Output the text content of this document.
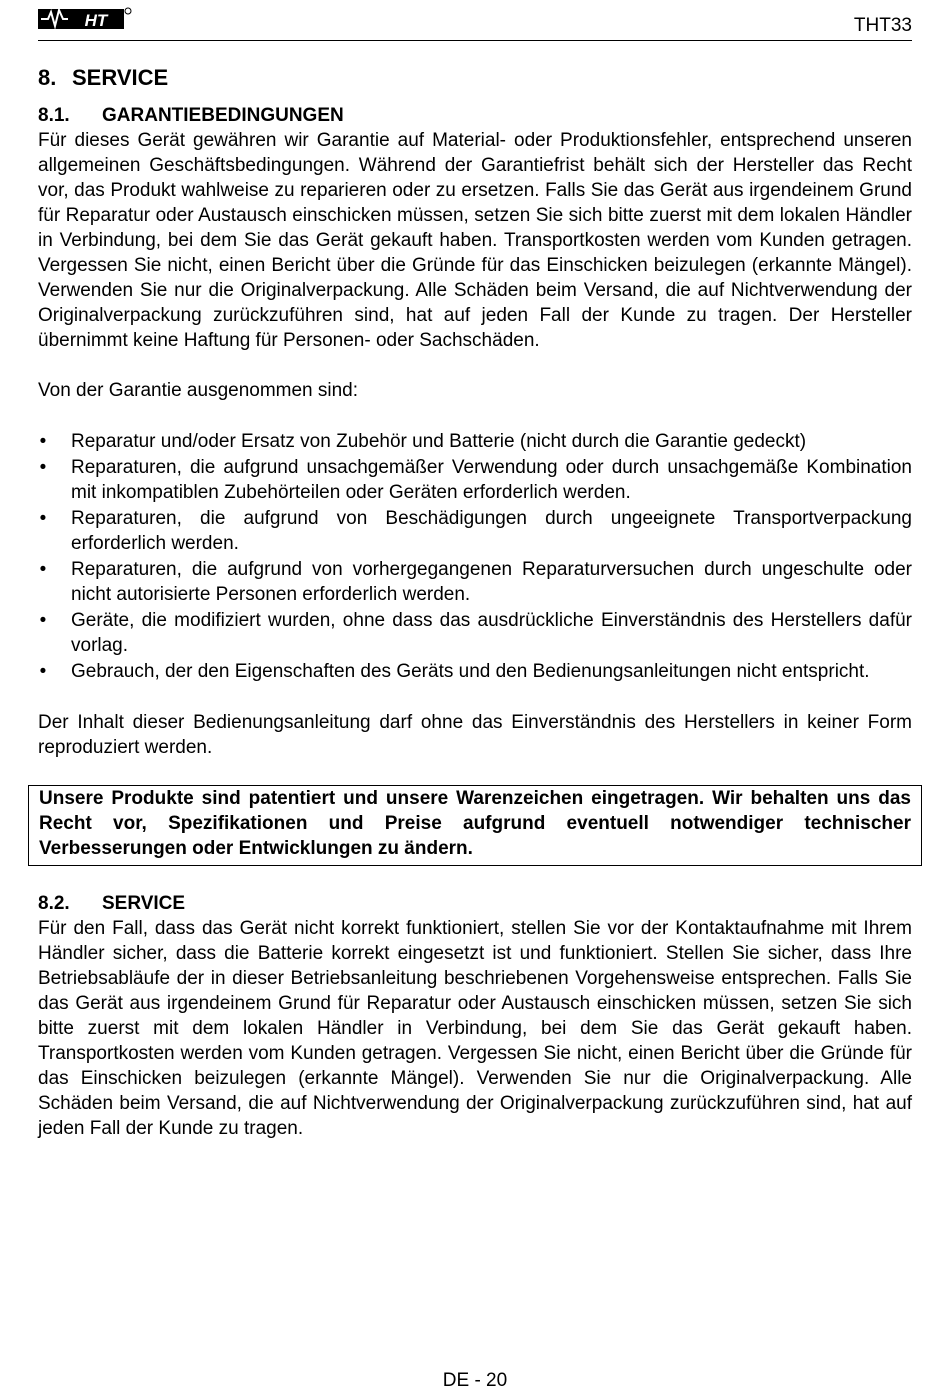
HT	THT33
8. SERVICE
8.1. GARANTIEBEDINGUNGEN

Für dieses Gerät gewähren wir Garantie auf Material- oder Produktionsfehler, entsprechend unseren allgemeinen Geschäftsbedingungen. Während der Garantiefrist behält sich der Hersteller das Recht vor, das Produkt wahlweise zu reparieren oder zu ersetzen. Falls Sie das Gerät aus irgendeinem Grund für Reparatur oder Austausch einschicken müssen, setzen Sie sich bitte zuerst mit dem lokalen Händler in Verbindung, bei dem Sie das Gerät gekauft haben. Transportkosten werden vom Kunden getragen. Vergessen Sie nicht, einen Bericht über die Gründe für das Einschicken beizulegen (erkannte Mängel). Verwenden Sie nur die Originalverpackung. Alle Schäden beim Versand, die auf Nichtverwendung der Originalverpackung zurückzuführen sind, hat auf jeden Fall der Kunde zu tragen. Der Hersteller übernimmt keine Haftung für Personen- oder Sachschäden.

Von der Garantie ausgenommen sind:

• Reparatur und/oder Ersatz von Zubehör und Batterie (nicht durch die Garantie gedeckt)
• Reparaturen, die aufgrund unsachgemäßer Verwendung oder durch unsachgemäße Kombination mit inkompatiblen Zubehörteilen oder Geräten erforderlich werden.
• Reparaturen, die aufgrund von Beschädigungen durch ungeeignete Transportverpackung erforderlich werden.
• Reparaturen, die aufgrund von vorhergegangenen Reparaturversuchen durch ungeschulte oder nicht autorisierte Personen erforderlich werden.
• Geräte, die modifiziert wurden, ohne dass das ausdrückliche Einverständnis des Herstellers dafür vorlag.
• Gebrauch, der den Eigenschaften des Geräts und den Bedienungsanleitungen nicht entspricht.

Der Inhalt dieser Bedienungsanleitung darf ohne das Einverständnis des Herstellers in keiner Form reproduziert werden.

Unsere Produkte sind patentiert und unsere Warenzeichen eingetragen. Wir behalten uns das Recht vor, Spezifikationen und Preise aufgrund eventuell notwendiger technischer Verbesserungen oder Entwicklungen zu ändern.
8.2. SERVICE

Für den Fall, dass das Gerät nicht korrekt funktioniert, stellen Sie vor der Kontaktaufnahme mit Ihrem Händler sicher, dass die Batterie korrekt eingesetzt ist und funktioniert. Stellen Sie sicher, dass Ihre Betriebsabläufe der in dieser Betriebsanleitung beschriebenen Vorgehensweise entsprechen. Falls Sie das Gerät aus irgendeinem Grund für Reparatur oder Austausch einschicken müssen, setzen Sie sich bitte zuerst mit dem lokalen Händler in Verbindung, bei dem Sie das Gerät gekauft haben. Transportkosten werden vom Kunden getragen. Vergessen Sie nicht, einen Bericht über die Gründe für das Einschicken beizulegen (erkannte Mängel). Verwenden Sie nur die Originalverpackung. Alle Schäden beim Versand, die auf Nichtverwendung der Originalverpackung zurückzuführen sind, hat auf jeden Fall der Kunde zu tragen.

DE - 20
